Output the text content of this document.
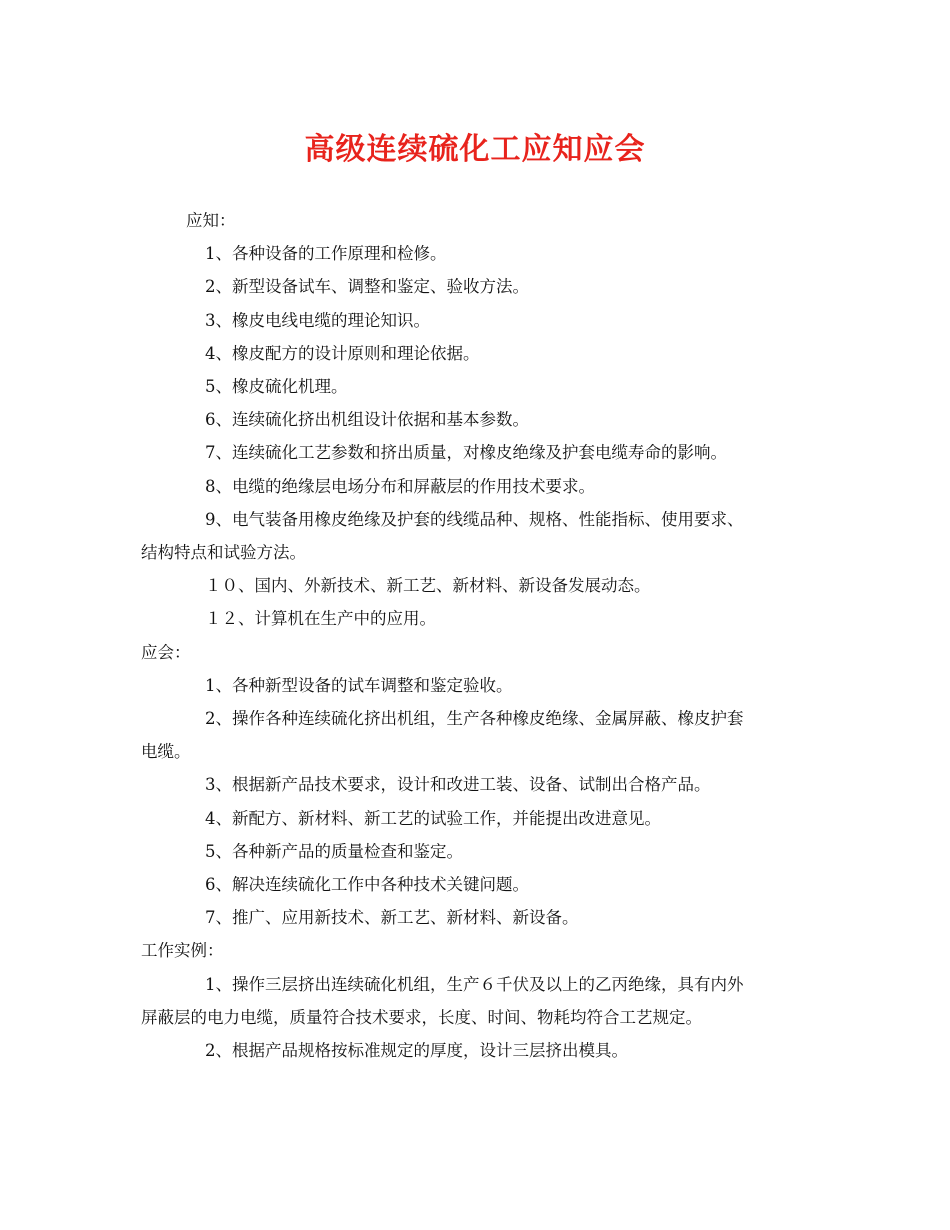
高级连续硫化工应知应会

应知：

1、各种设备的工作原理和检修。

2、新型设备试车、调整和鉴定、验收方法。

3、橡皮电线电缆的理论知识。

4、橡皮配方的设计原则和理论依据。

5、橡皮硫化机理。

6、连续硫化挤出机组设计依据和基本参数。

7、连续硫化工艺参数和挤出质量，对橡皮绝缘及护套电缆寿命的影响。

8、电缆的绝缘层电场分布和屏蔽层的作用技术要求。

9、电气装备用橡皮绝缘及护套的线缆品种、规格、性能指标、使用要求、

结构特点和试验方法。

１０、国内、外新技术、新工艺、新材料、新设备发展动态。

１２、计算机在生产中的应用。

应会：

1、各种新型设备的试车调整和鉴定验收。

2、操作各种连续硫化挤出机组，生产各种橡皮绝缘、金属屏蔽、橡皮护套

电缆。

3、根据新产品技术要求，设计和改进工装、设备、试制出合格产品。

4、新配方、新材料、新工艺的试验工作，并能提出改进意见。

5、各种新产品的质量检查和鉴定。

6、解决连续硫化工作中各种技术关键问题。

7、推广、应用新技术、新工艺、新材料、新设备。

工作实例：

1、操作三层挤出连续硫化机组，生产６千伏及以上的乙丙绝缘，具有内外

屏蔽层的电力电缆，质量符合技术要求，长度、时间、物耗均符合工艺规定。

2、根据产品规格按标准规定的厚度，设计三层挤出模具。
